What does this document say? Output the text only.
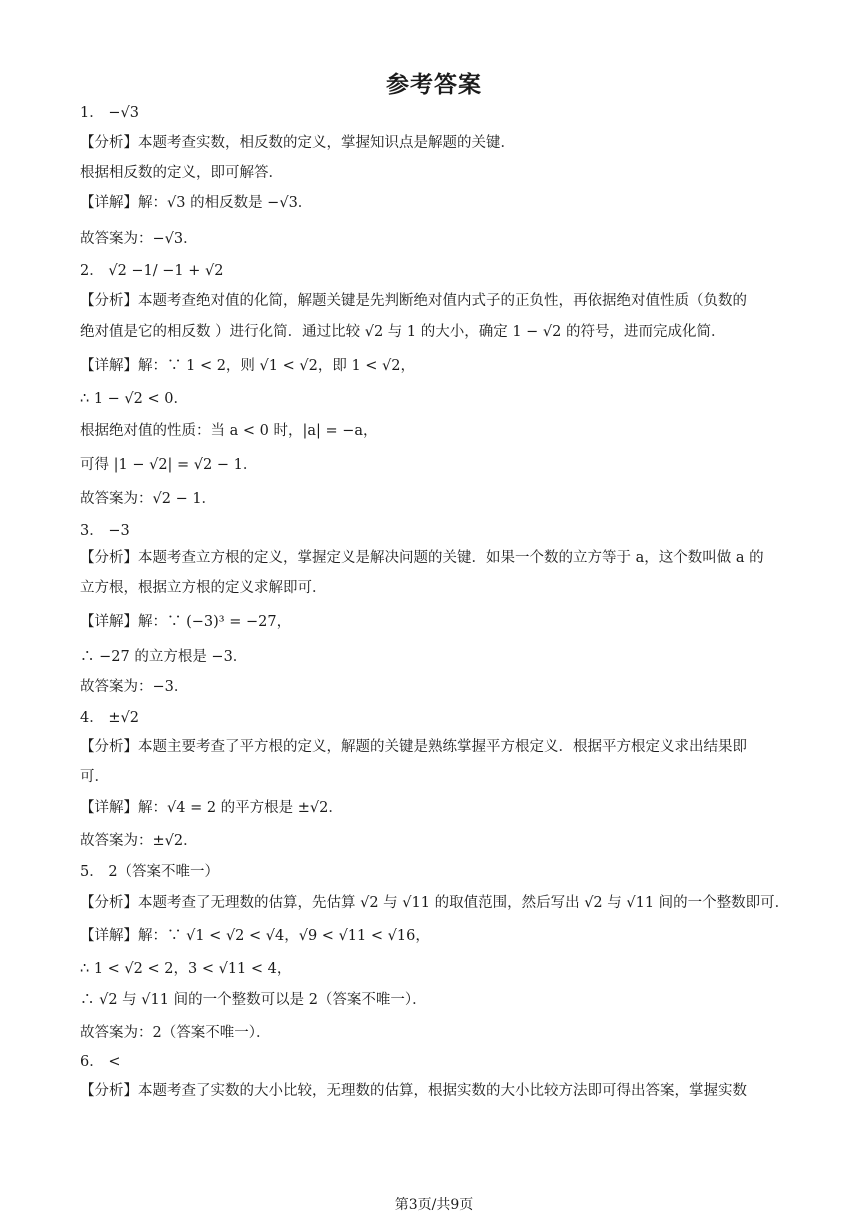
参考答案
1． −√3
【分析】本题考查实数，相反数的定义，掌握知识点是解题的关键．
根据相反数的定义，即可解答．
【详解】解：√3 的相反数是 −√3．
故答案为：−√3．
2． √2 −1/ −1 + √2
【分析】本题考查绝对值的化简，解题关键是先判断绝对值内式子的正负性，再依据绝对值性质（负数的
绝对值是它的相反数 ）进行化简．通过比较 √2 与 1 的大小，确定 1 − √2 的符号，进而完成化简．
【详解】解：∵ 1 < 2，则 √1 < √2，即 1 < √2，
∴ 1 − √2 < 0．
根据绝对值的性质：当 a < 0 时，|a| = −a，
可得 |1 − √2| = √2 − 1．
故答案为：√2 − 1．
3． −3
【分析】本题考查立方根的定义，掌握定义是解决问题的关键．如果一个数的立方等于 a，这个数叫做 a 的
立方根，根据立方根的定义求解即可．
【详解】解：∵ (−3)³ = −27，
∴ −27 的立方根是 −3．
故答案为：−3．
4． ±√2
【分析】本题主要考查了平方根的定义，解题的关键是熟练掌握平方根定义．根据平方根定义求出结果即
可．
【详解】解：√4 = 2 的平方根是 ±√2．
故答案为：±√2．
5． 2（答案不唯一）
【分析】本题考查了无理数的估算，先估算 √2 与 √11 的取值范围，然后写出 √2 与 √11 间的一个整数即可．
【详解】解：∵ √1 < √2 < √4，√9 < √11 < √16，
∴ 1 < √2 < 2，3 < √11 < 4，
∴ √2 与 √11 间的一个整数可以是 2（答案不唯一）．
故答案为：2（答案不唯一）．
6． <
【分析】本题考查了实数的大小比较，无理数的估算，根据实数的大小比较方法即可得出答案，掌握实数
第3页/共9页
